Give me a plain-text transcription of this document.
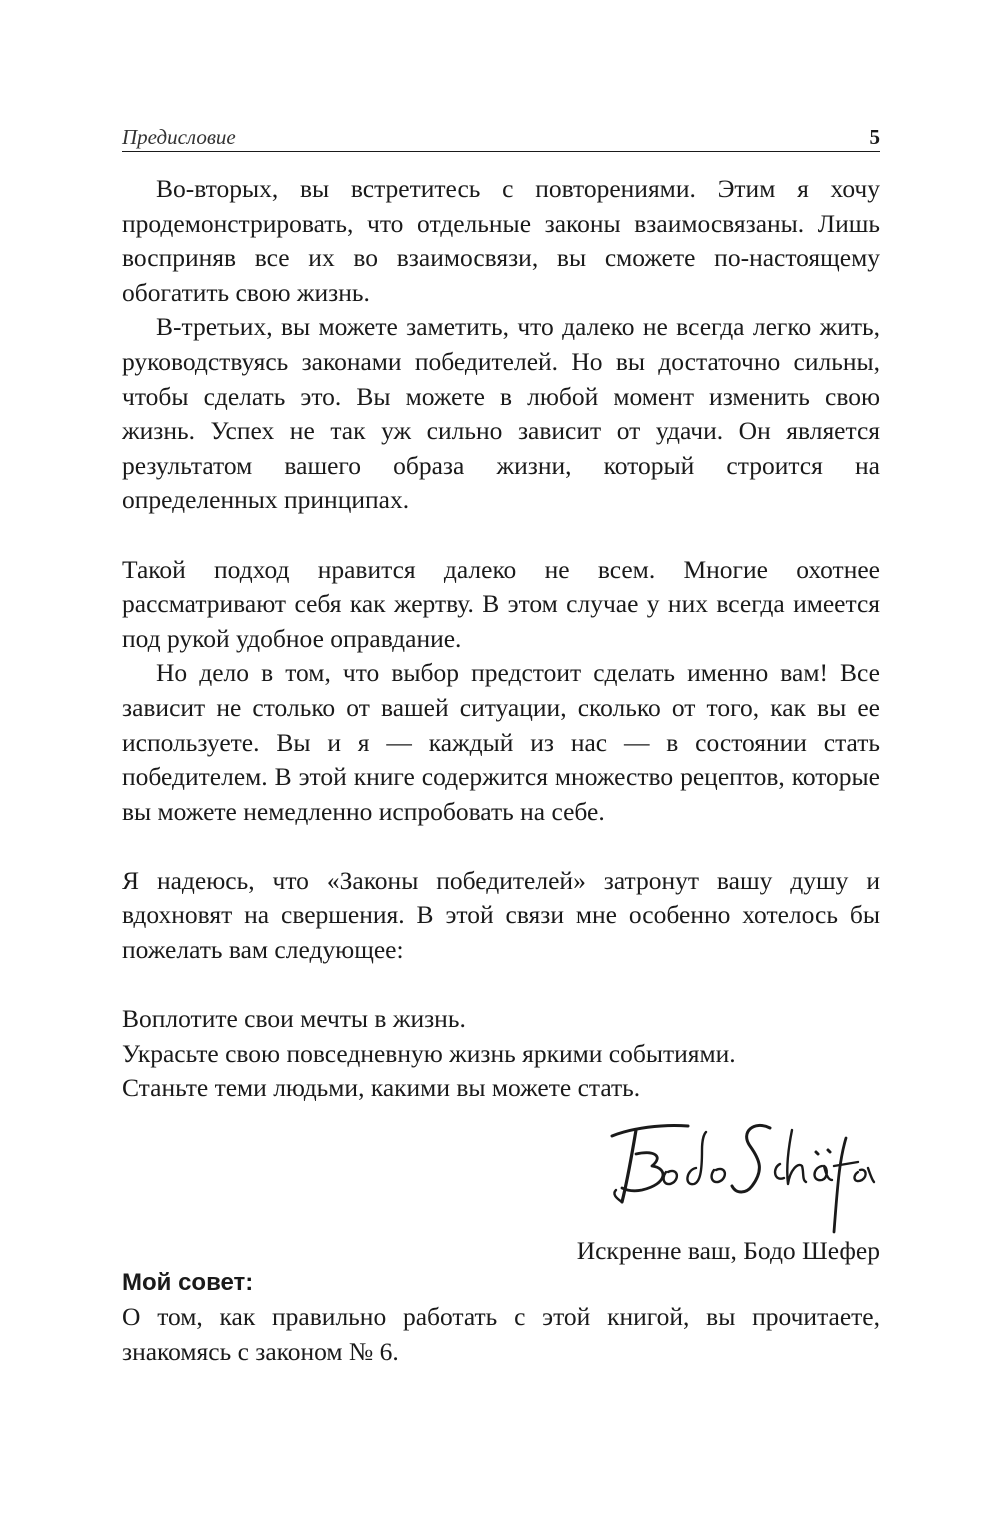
Предисловие	5

Во-вторых, вы встретитесь с повторениями. Этим я хочу продемонстрировать, что отдельные законы взаимосвязаны. Лишь восприняв все их во взаимосвязи, вы сможете по-настоящему обогатить свою жизнь.

В-третьих, вы можете заметить, что далеко не всегда легко жить, руководствуясь законами победителей. Но вы достаточно сильны, чтобы сделать это. Вы можете в любой момент изменить свою жизнь. Успех не так уж сильно зависит от удачи. Он является результатом вашего образа жизни, который строится на определенных принципах.

Такой подход нравится далеко не всем. Многие охотнее рассматривают себя как жертву. В этом случае у них всегда имеется под рукой удобное оправдание.

Но дело в том, что выбор предстоит сделать именно вам! Все зависит не столько от вашей ситуации, сколько от того, как вы ее используете. Вы и я — каждый из нас — в состоянии стать победителем. В этой книге содержится множество рецептов, которые вы можете немедленно испробовать на себе.

Я надеюсь, что «Законы победителей» затронут вашу душу и вдохновят на свершения. В этой связи мне особенно хотелось бы пожелать вам следующее:

Воплотите свои мечты в жизнь.

Украсьте свою повседневную жизнь яркими событиями.

Станьте теми людьми, какими вы можете стать.

Искренне ваш, Бодо Шефер
Мой совет:
О том, как правильно работать с этой книгой, вы прочитаете, знакомясь с законом № 6.
